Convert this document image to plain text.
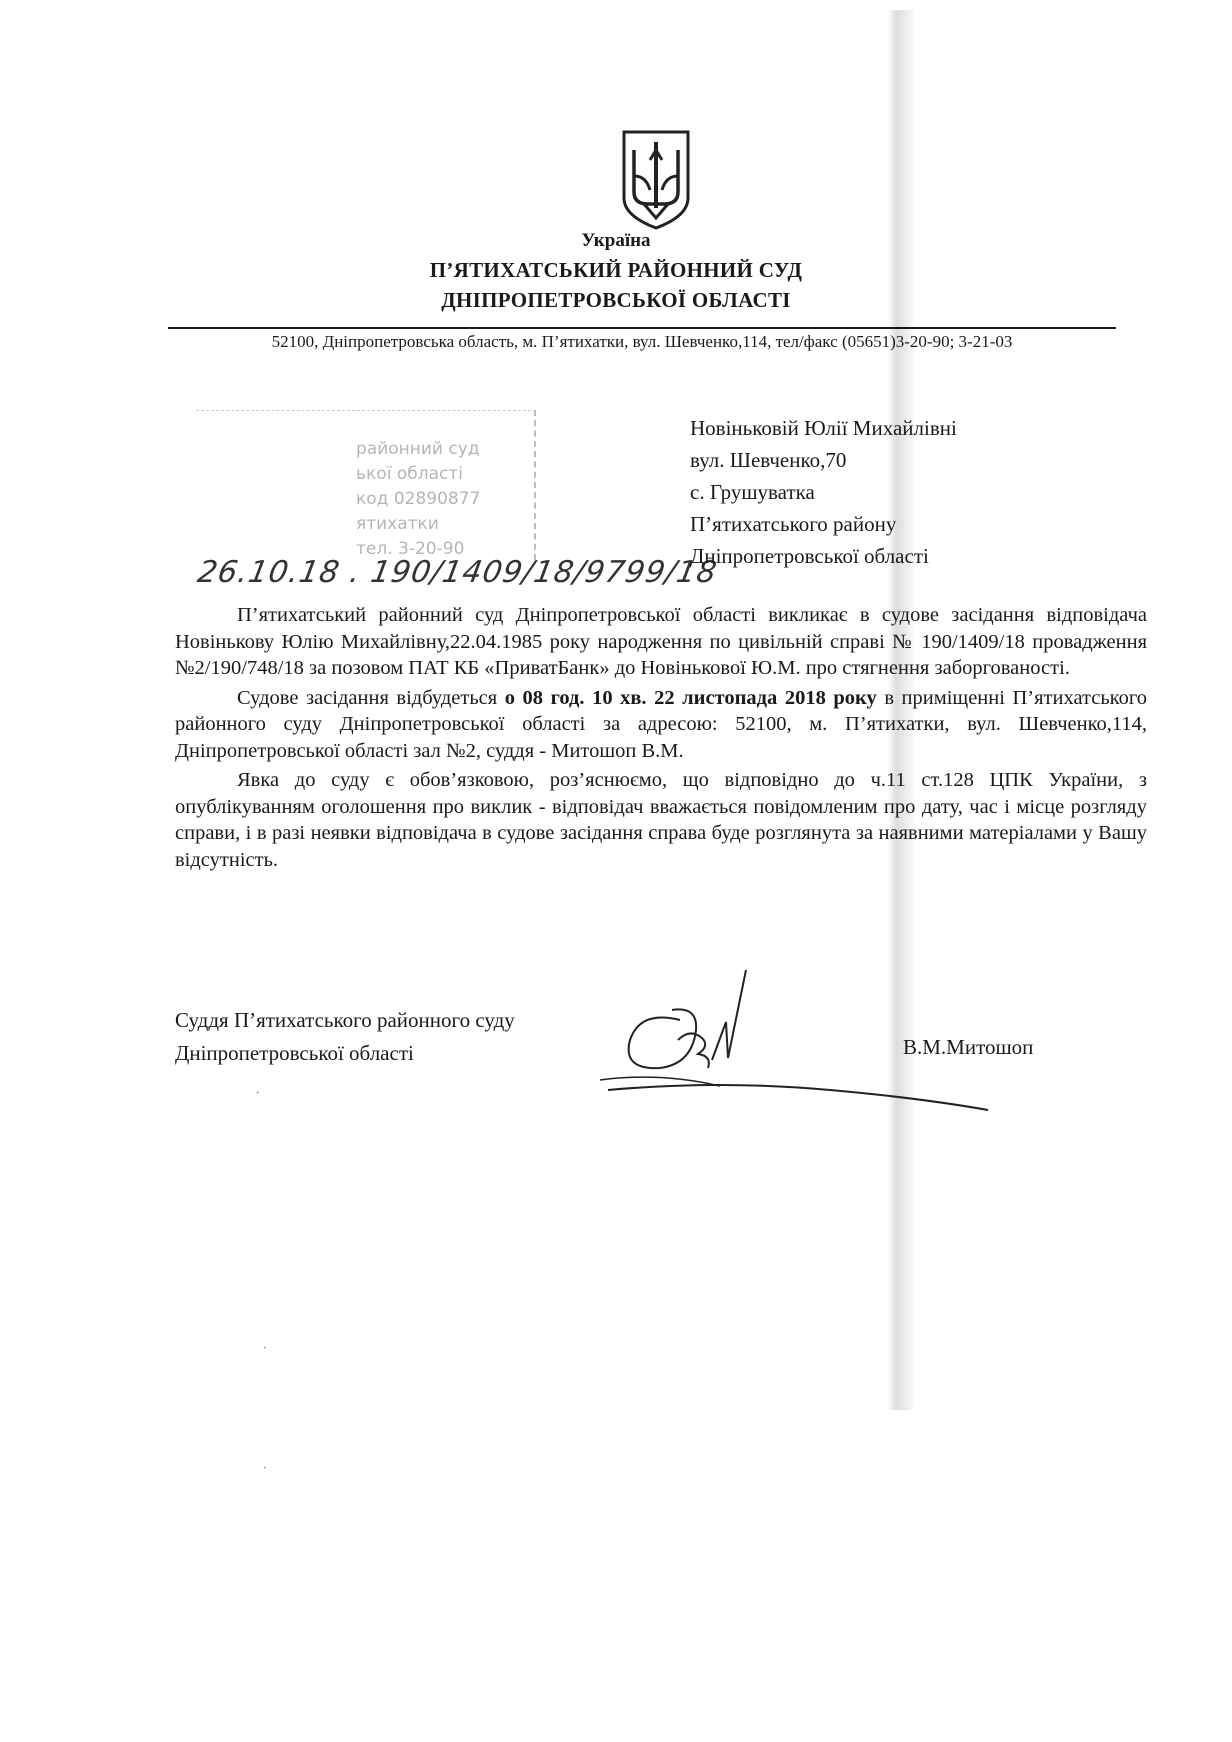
Україна
П’ЯТИХАТСЬКИЙ РАЙОННИЙ СУД
ДНІПРОПЕТРОВСЬКОЇ ОБЛАСТІ
52100, Дніпропетровська область, м. П’ятихатки, вул. Шевченко,114, тел/факс (05651)3-20-90; 3-21-03
районний суд
ької області
код 02890877
ятихатки
тел. 3-20-90
26.10.18 . 190/1409/18/9799/18
Новіньковій Юлії Михайлівні
вул. Шевченко,70
с. Грушуватка
П’ятихатського району
Дніпропетровської області

П’ятихатський районний суд Дніпропетровської області викликає в судове засідання відповідача Новінькову Юлію Михайлівну,22.04.1985 року народження по цивільній справі № 190/1409/18 провадження №2/190/748/18 за позовом ПАТ КБ «ПриватБанк» до Новінькової Ю.М. про стягнення заборгованості.

Судове засідання відбудеться о 08 год. 10 хв. 22 листопада 2018 року в приміщенні П’ятихатського районного суду Дніпропетровської області за адресою: 52100, м. П’ятихатки, вул. Шевченко,114, Дніпропетровської області зал №2, суддя - Митошоп В.М.

Явка до суду є обов’язковою, роз’яснюємо, що відповідно до ч.11 ст.128 ЦПК України, з опублікуванням оголошення про виклик - відповідач вважається повідомленим про дату, час і місце розгляду справи, і в разі неявки відповідача в судове засідання справа буде розглянута за наявними матеріалами у Вашу відсутність.

Суддя П’ятихатського районного суду
Дніпропетровської області	В.М.Митошоп
·
·
·
